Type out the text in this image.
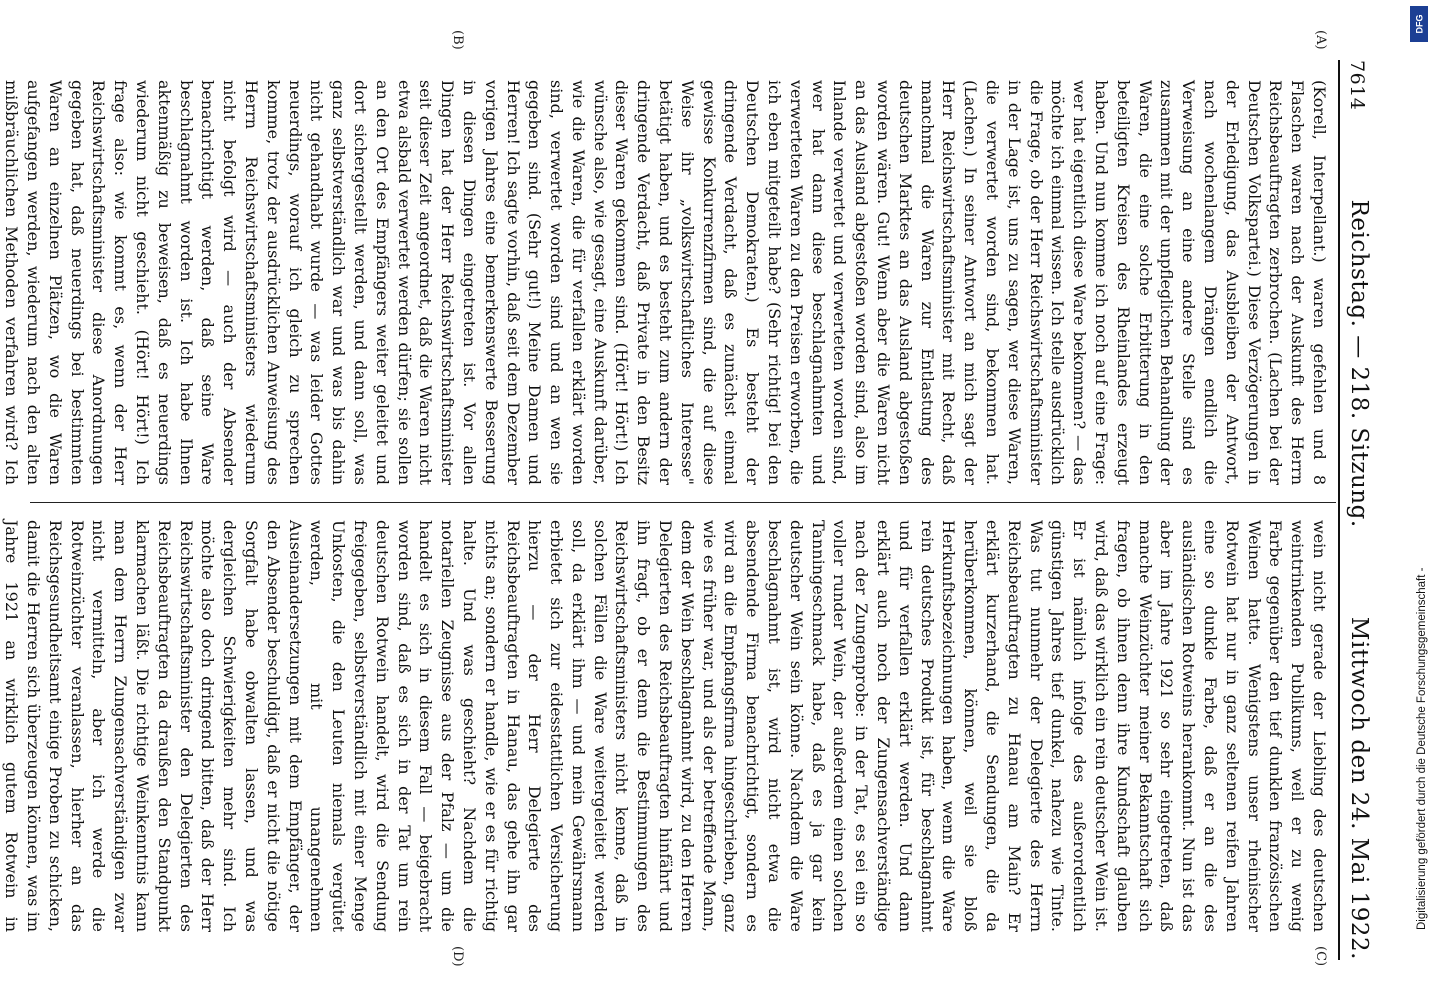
7614
Reichstag. — 218. Sitzung.
Mittwoch den 24. Mai 1922.
(A)
(B)
(C)
(D)
(Korell, Interpellant.) waren gefehlen und 8 Flaschen waren nach der Auskunft des Herrn Reichsbeauftragten zerbrochen. (Lachen bei der Deutschen Volkspartei.) Diese Verzögerungen in der Erledigung, das Ausbleiben der Antwort, nach wochenlangem Drängen endlich die Verweisung an eine andere Stelle sind es zusammen mit der unpfleglichen Behandlung der Waren, die eine solche Erbitterung in den beteiligten Kreisen des Rheinlandes erzeugt haben. Und nun komme ich noch auf eine Frage: wer hat eigentlich diese Ware bekommen? — das möchte ich einmal wissen. Ich stelle ausdrücklich die Frage, ob der Herr Reichswirtschaftsminister in der Lage ist, uns zu sagen, wer diese Waren, die verwertet worden sind, bekommen hat. (Lachen.) In seiner Antwort an mich sagt der Herr Reichswirtschaftsminister mit Recht, daß manchmal die Waren zur Entlastung des deutschen Marktes an das Ausland abgestoßen worden wären. Gut! Wenn aber die Waren nicht an das Ausland abgestoßen worden sind, also im Inlande verwertet und verwerteten worden sind, wer hat dann diese beschlagnahmten und verwerteten Waren zu den Preisen erworben, die ich eben mitgeteilt habe? (Sehr richtig! bei den Deutschen Demokraten.) Es besteht der dringende Verdacht, daß es zunächst einmal gewisse Konkurrenzfirmen sind, die auf diese Weise ihr „volkswirtschaftliches Interesse" betätigt haben, und es besteht zum andern der dringende Verdacht, daß Private in den Besitz dieser Waren gekommen sind. (Hört! Hört!) Ich wünsche also, wie gesagt, eine Auskunft darüber, wie die Waren, die für verfallen erklärt worden sind, verwertet worden sind und an wen sie gegeben sind. (Sehr gut!) Meine Damen und Herren! Ich sagte vorhin, daß seit dem Dezember vorigen Jahres eine bemerkenswerte Besserung in diesen Dingen eingetreten ist. Vor allen Dingen hat der Herr Reichswirtschaftsminister seit dieser Zeit angeordnet, daß die Waren nicht etwa alsbald verwertet werden dürfen; sie sollen an den Ort des Empfängers weiter geleitet und dort sichergestellt werden, und dann soll, was ganz selbstverständlich war und was bis dahin nicht gehandhabt wurde — was leider Gottes neuerdings, worauf ich gleich zu sprechen komme, trotz der ausdrücklichen Anweisung des Herrn Reichswirtschaftsministers wiederum nicht befolgt wird — auch der Absender benachrichtigt werden, daß seine Ware beschlagnahmt worden ist. Ich habe Ihnen aktenmäßig zu beweisen, daß es neuerdings wiederum nicht geschieht. (Hört! Hört!) Ich frage also: wie kommt es, wenn der Herr Reichswirtschaftsminister diese Anordnungen gegeben hat, daß neuerdings bei bestimmten Waren an einzelnen Plätzen, wo die Waren aufgefangen werden, wiederum nach den alten mißbräuchlichen Methoden verfahren wird? Ich
wein nicht gerade der Liebling des deutschen weintrinkenden Publikums, weil er zu wenig Farbe gegenüber den tief dunklen französischen Weinen hatte. Wenigstens unser rheinischer Rotwein hat nur in ganz seltenen reifen Jahren eine so dunkle Farbe, daß er an die des ausländischen Rotweins herankommt. Nun ist das aber im Jahre 1921 so sehr eingetreten, daß manche Weinzüchter meiner Bekanntschaft sich fragen, ob ihnen denn ihre Kundschaft glauben wird, daß das wirklich ein rein deutscher Wein ist. Er ist nämlich infolge des außerordentlich günstigen Jahres tief dunkel, nahezu wie Tinte. Was tut nunmehr der Delegierte des Herrn Reichsbeauftragten zu Hanau am Main? Er erklärt kurzerhand, die Sendungen, die da herüberkommen, können, weil sie bloß Herkunftsbezeichnungen haben, wenn die Ware rein deutsches Produkt ist, für beschlagnahmt und für verfallen erklärt werden. Und dann erklärt auch noch der Zungensachverständige nach der Zungenprobe: in der Tat, es sei ein so voller runder Wein, der außerdem einen solchen Tanningeschmack habe, daß es ja gar kein deutscher Wein sein könne. Nachdem die Ware beschlagnahmt ist, wird nicht etwa die absendende Firma benachrichtigt, sondern es wird an die Empfangsfirma hingeschrieben, ganz wie es früher war, und als der betreffende Mann, dem der Wein beschlagnahmt wird, zu den Herren Delegierten des Reichsbeauftragten hinfährt und ihn fragt, ob er denn die Bestimmungen des Reichswirtschaftsministers nicht kenne, daß in solchen Fällen die Ware weitergeleitet werden soll, da erklärt ihm — und mein Gewährsmann erbietet sich zur eidesstattlichen Versicherung hierzu — der Herr Delegierte des Reichsbeauftragten in Hanau, das gehe ihn gar nichts an; sondern er handle, wie er es für richtig halte. Und was geschieht? Nachdem die notariellen Zeugnisse aus der Pfalz — um die handelt es sich in diesem Fall — beigebracht worden sind, daß es sich in der Tat um rein deutschen Rotwein handelt, wird die Sendung freigegeben, selbstverständlich mit einer Menge Unkosten, die den Leuten niemals vergütet werden, mit unangenehmen Auseinandersetzungen mit dem Empfänger, der den Absender beschuldigt, daß er nicht die nötige Sorgfalt habe obwalten lassen, und was dergleichen Schwierigkeiten mehr sind. Ich möchte also doch dringend bitten, daß der Herr Reichswirtschaftsminister den Delegierten des Reichsbeauftragten da draußen den Standpunkt klarmachen läßt. Die richtige Weinkenntnis kann man dem Herrn Zungensachverständigen zwar nicht vermitteln, aber ich werde die Rotweinzüchter veranlassen, hierher an das Reichsgesundheitsamt einige Proben zu schicken, damit die Herren sich überzeugen können, was im Jahre 1921 an wirklich gutem Rotwein in
DFG
Digitalisierung gefördert durch die Deutsche Forschungsgemeinschaft -
